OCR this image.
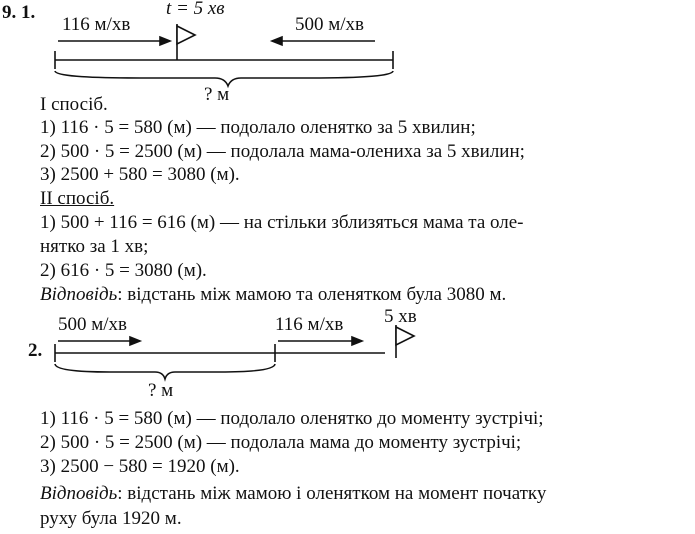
9. 1.
116 м/хв
t = 5 хв
500 м/хв
? м
I спосіб.
1) 116 · 5 = 580 (м) — подолало оленятко за 5 хвилин;
2) 500 · 5 = 2500 (м) — подолала мама-олениха за 5 хвилин;
3) 2500 + 580 = 3080 (м).
II спосіб.
1) 500 + 116 = 616 (м) — на стільки зблизяться мама та оле-
нятко за 1 хв;
2) 616 · 5 = 3080 (м).
Відповідь: відстань між мамою та оленятком була 3080 м.
2.
500 м/хв	116 м/хв 5 хв
? м
1) 116 · 5 = 580 (м) — подолало оленятко до моменту зустрічі;
2) 500 · 5 = 2500 (м) — подолала мама до моменту зустрічі;
3) 2500 − 580 = 1920 (м).
Відповідь: відстань між мамою і оленятком на момент початку
руху була 1920 м.
